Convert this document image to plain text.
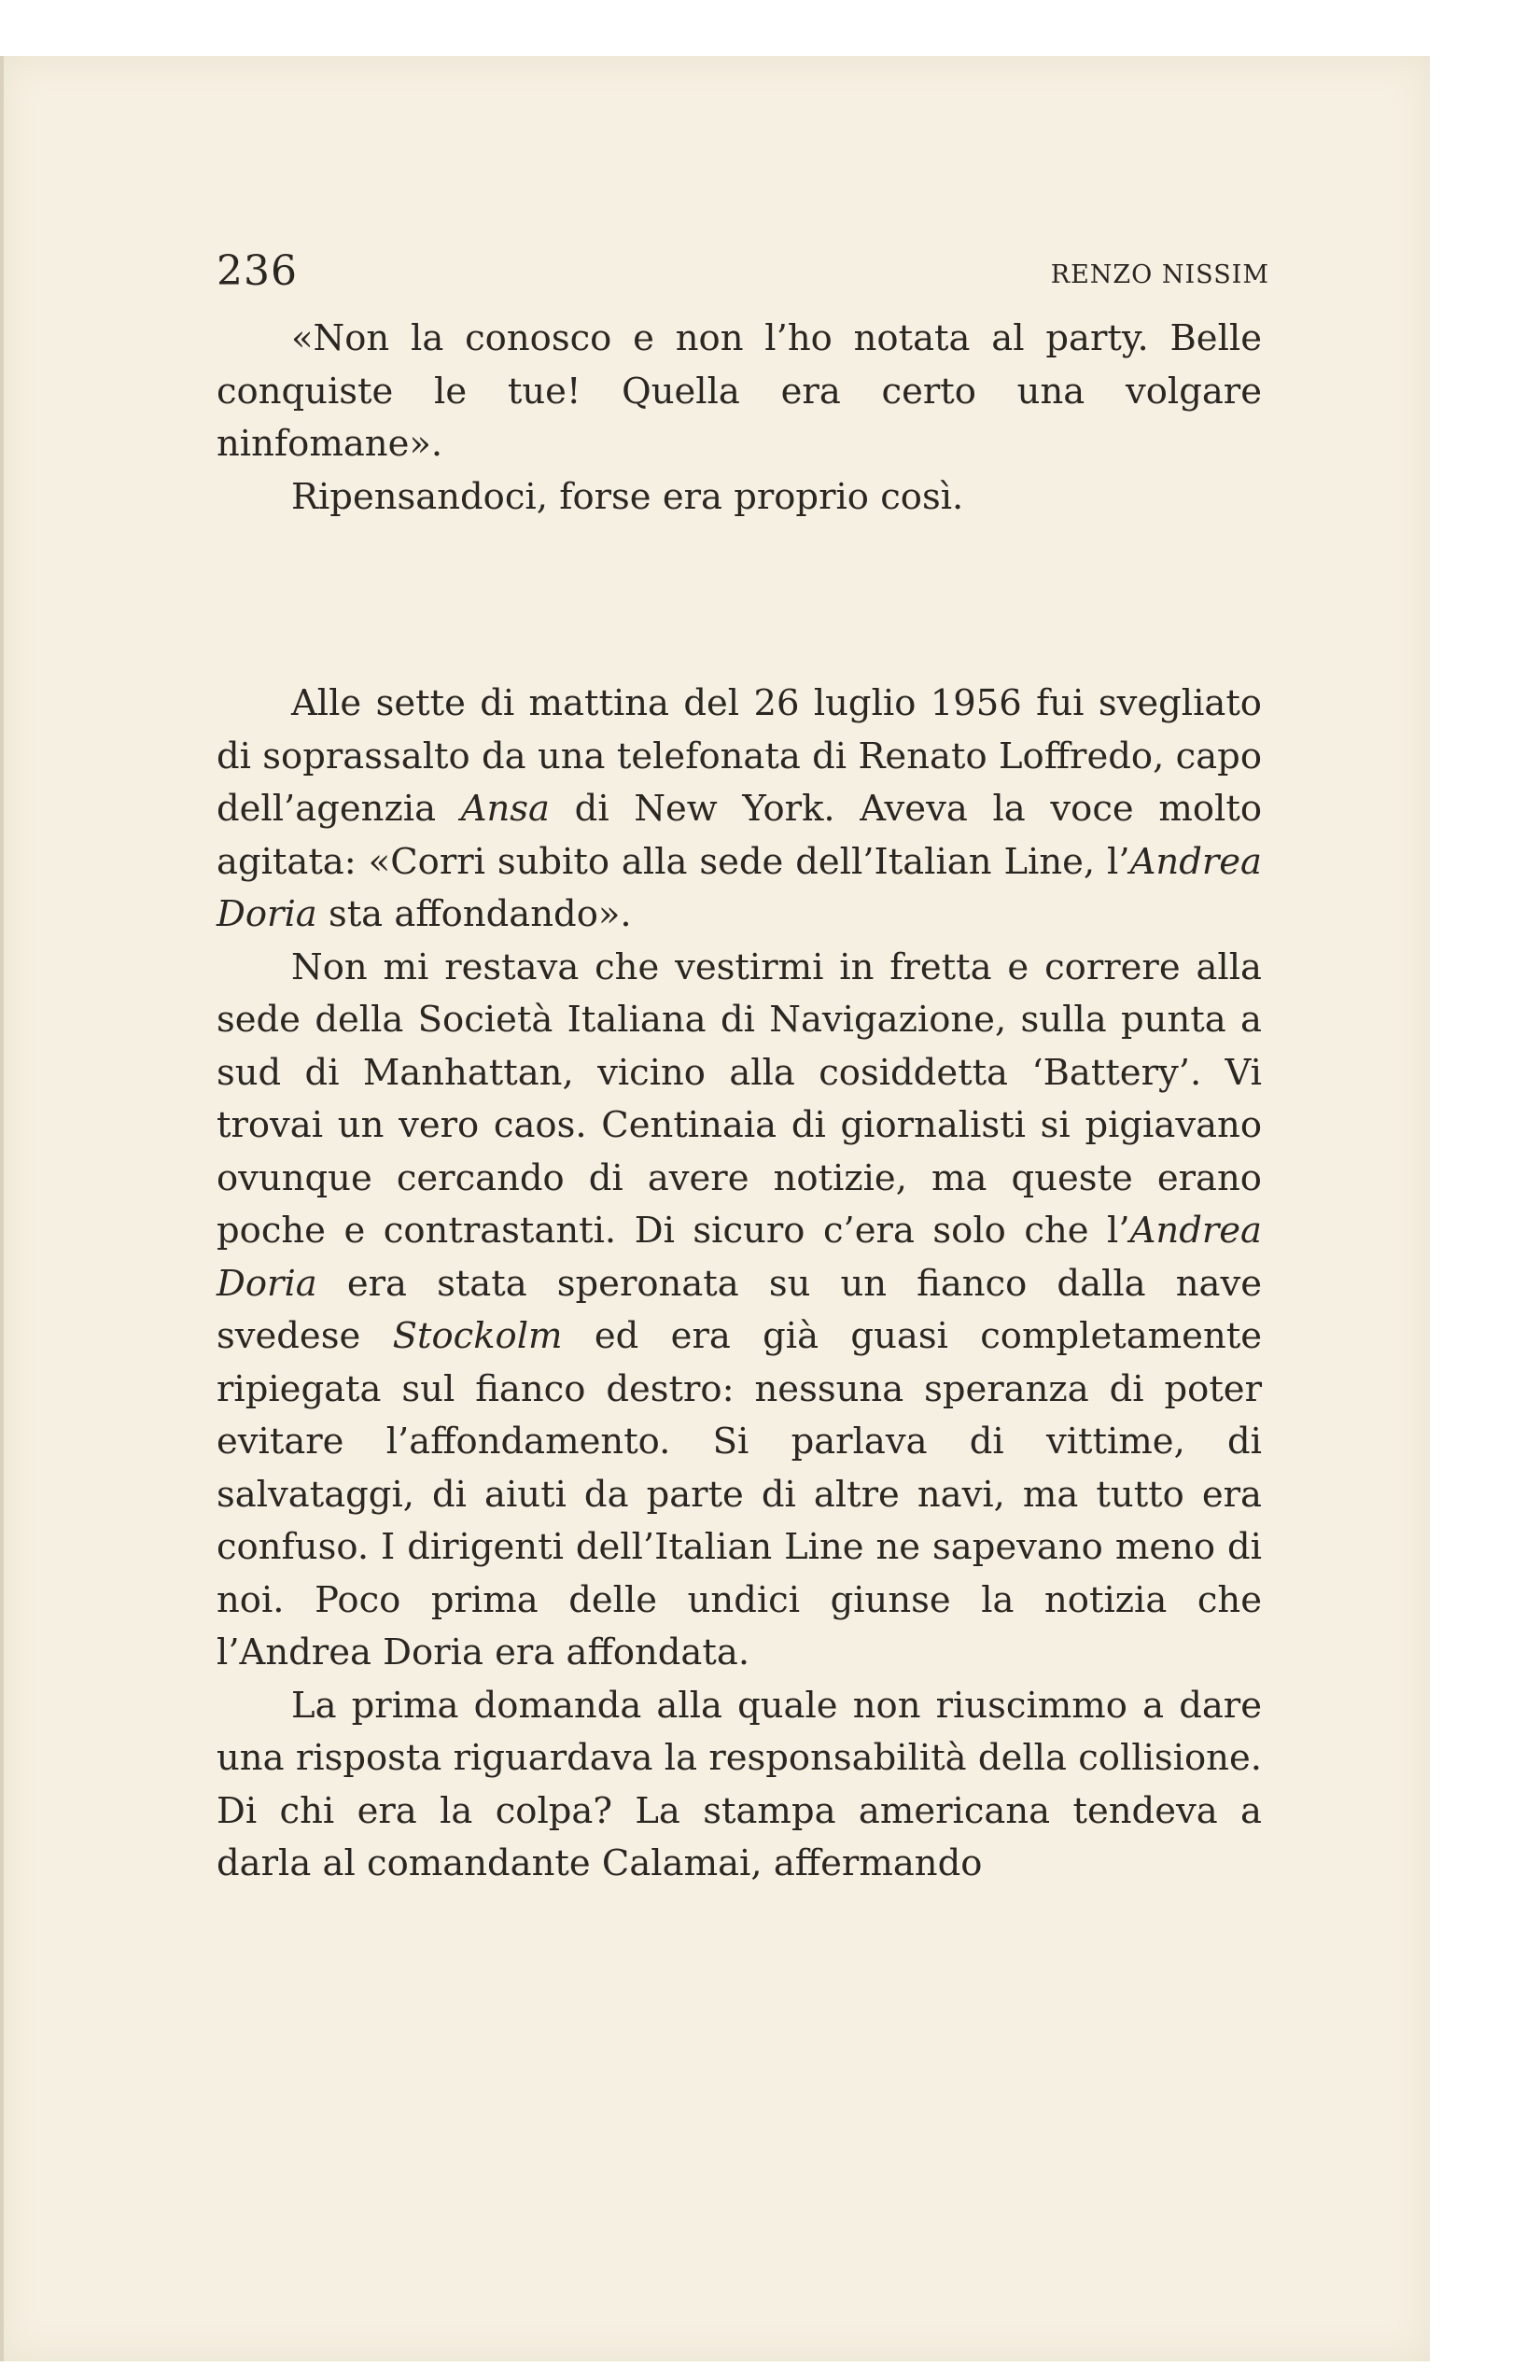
236	RENZO NISSIM

«Non la conosco e non l’ho notata al party. Belle conquiste le tue! Quella era certo una volgare ninfomane».

Ripensandoci, forse era proprio così.

Alle sette di mattina del 26 luglio 1956 fui svegliato di soprassalto da una telefonata di Renato Loffredo, capo dell’agenzia Ansa di New York. Aveva la voce molto agitata: «Corri subito alla sede dell’Italian Line, l’Andrea Doria sta affondando».

Non mi restava che vestirmi in fretta e correre alla sede della Società Italiana di Navigazione, sulla punta a sud di Manhattan, vicino alla cosiddetta ‘Battery’. Vi trovai un vero caos. Centinaia di giornalisti si pigiavano ovunque cercando di avere notizie, ma queste erano poche e contrastanti. Di sicuro c’era solo che l’Andrea Doria era stata speronata su un fianco dalla nave svedese Stockolm ed era già guasi completamente ripiegata sul fianco destro: nessuna speranza di poter evitare l’affondamento. Si parlava di vittime, di salvataggi, di aiuti da parte di altre navi, ma tutto era confuso. I dirigenti dell’Italian Line ne sapevano meno di noi. Poco prima delle undici giunse la notizia che l’Andrea Doria era affondata.

La prima domanda alla quale non riuscimmo a dare una risposta riguardava la responsabilità della collisione. Di chi era la colpa? La stampa americana tendeva a darla al comandante Calamai, affermando
